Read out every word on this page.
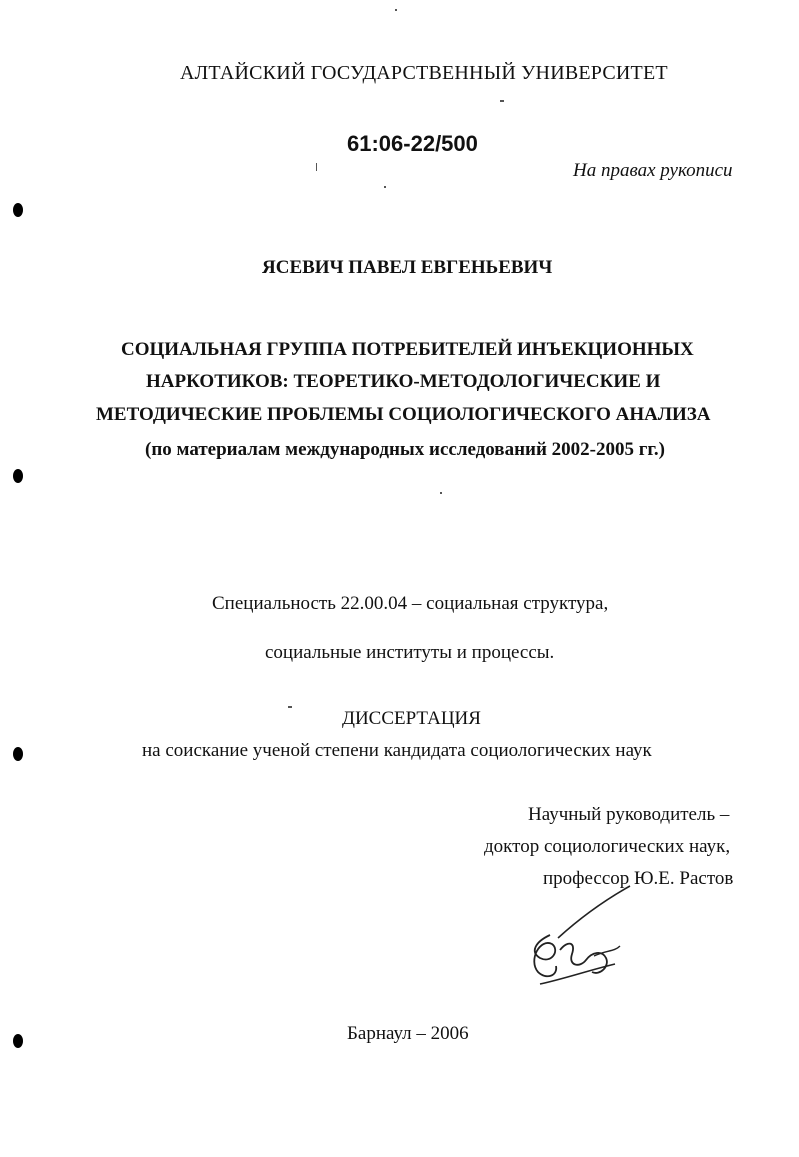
АЛТАЙСКИЙ ГОСУДАРСТВЕННЫЙ УНИВЕРСИТЕТ
61:06-22/500
На правах рукописи
ЯСЕВИЧ ПАВЕЛ ЕВГЕНЬЕВИЧ
СОЦИАЛЬНАЯ ГРУППА ПОТРЕБИТЕЛЕЙ ИНЪЕКЦИОННЫХ
НАРКОТИКОВ: ТЕОРЕТИКО-МЕТОДОЛОГИЧЕСКИЕ И
МЕТОДИЧЕСКИЕ ПРОБЛЕМЫ СОЦИОЛОГИЧЕСКОГО АНАЛИЗА
(по материалам международных исследований 2002-2005 гг.)
Специальность 22.00.04 – социальная структура,
социальные институты и процессы.
ДИССЕРТАЦИЯ
на соискание ученой степени кандидата социологических наук
Научный руководитель –
доктор социологических наук,
профессор Ю.Е. Растов
Барнаул – 2006
